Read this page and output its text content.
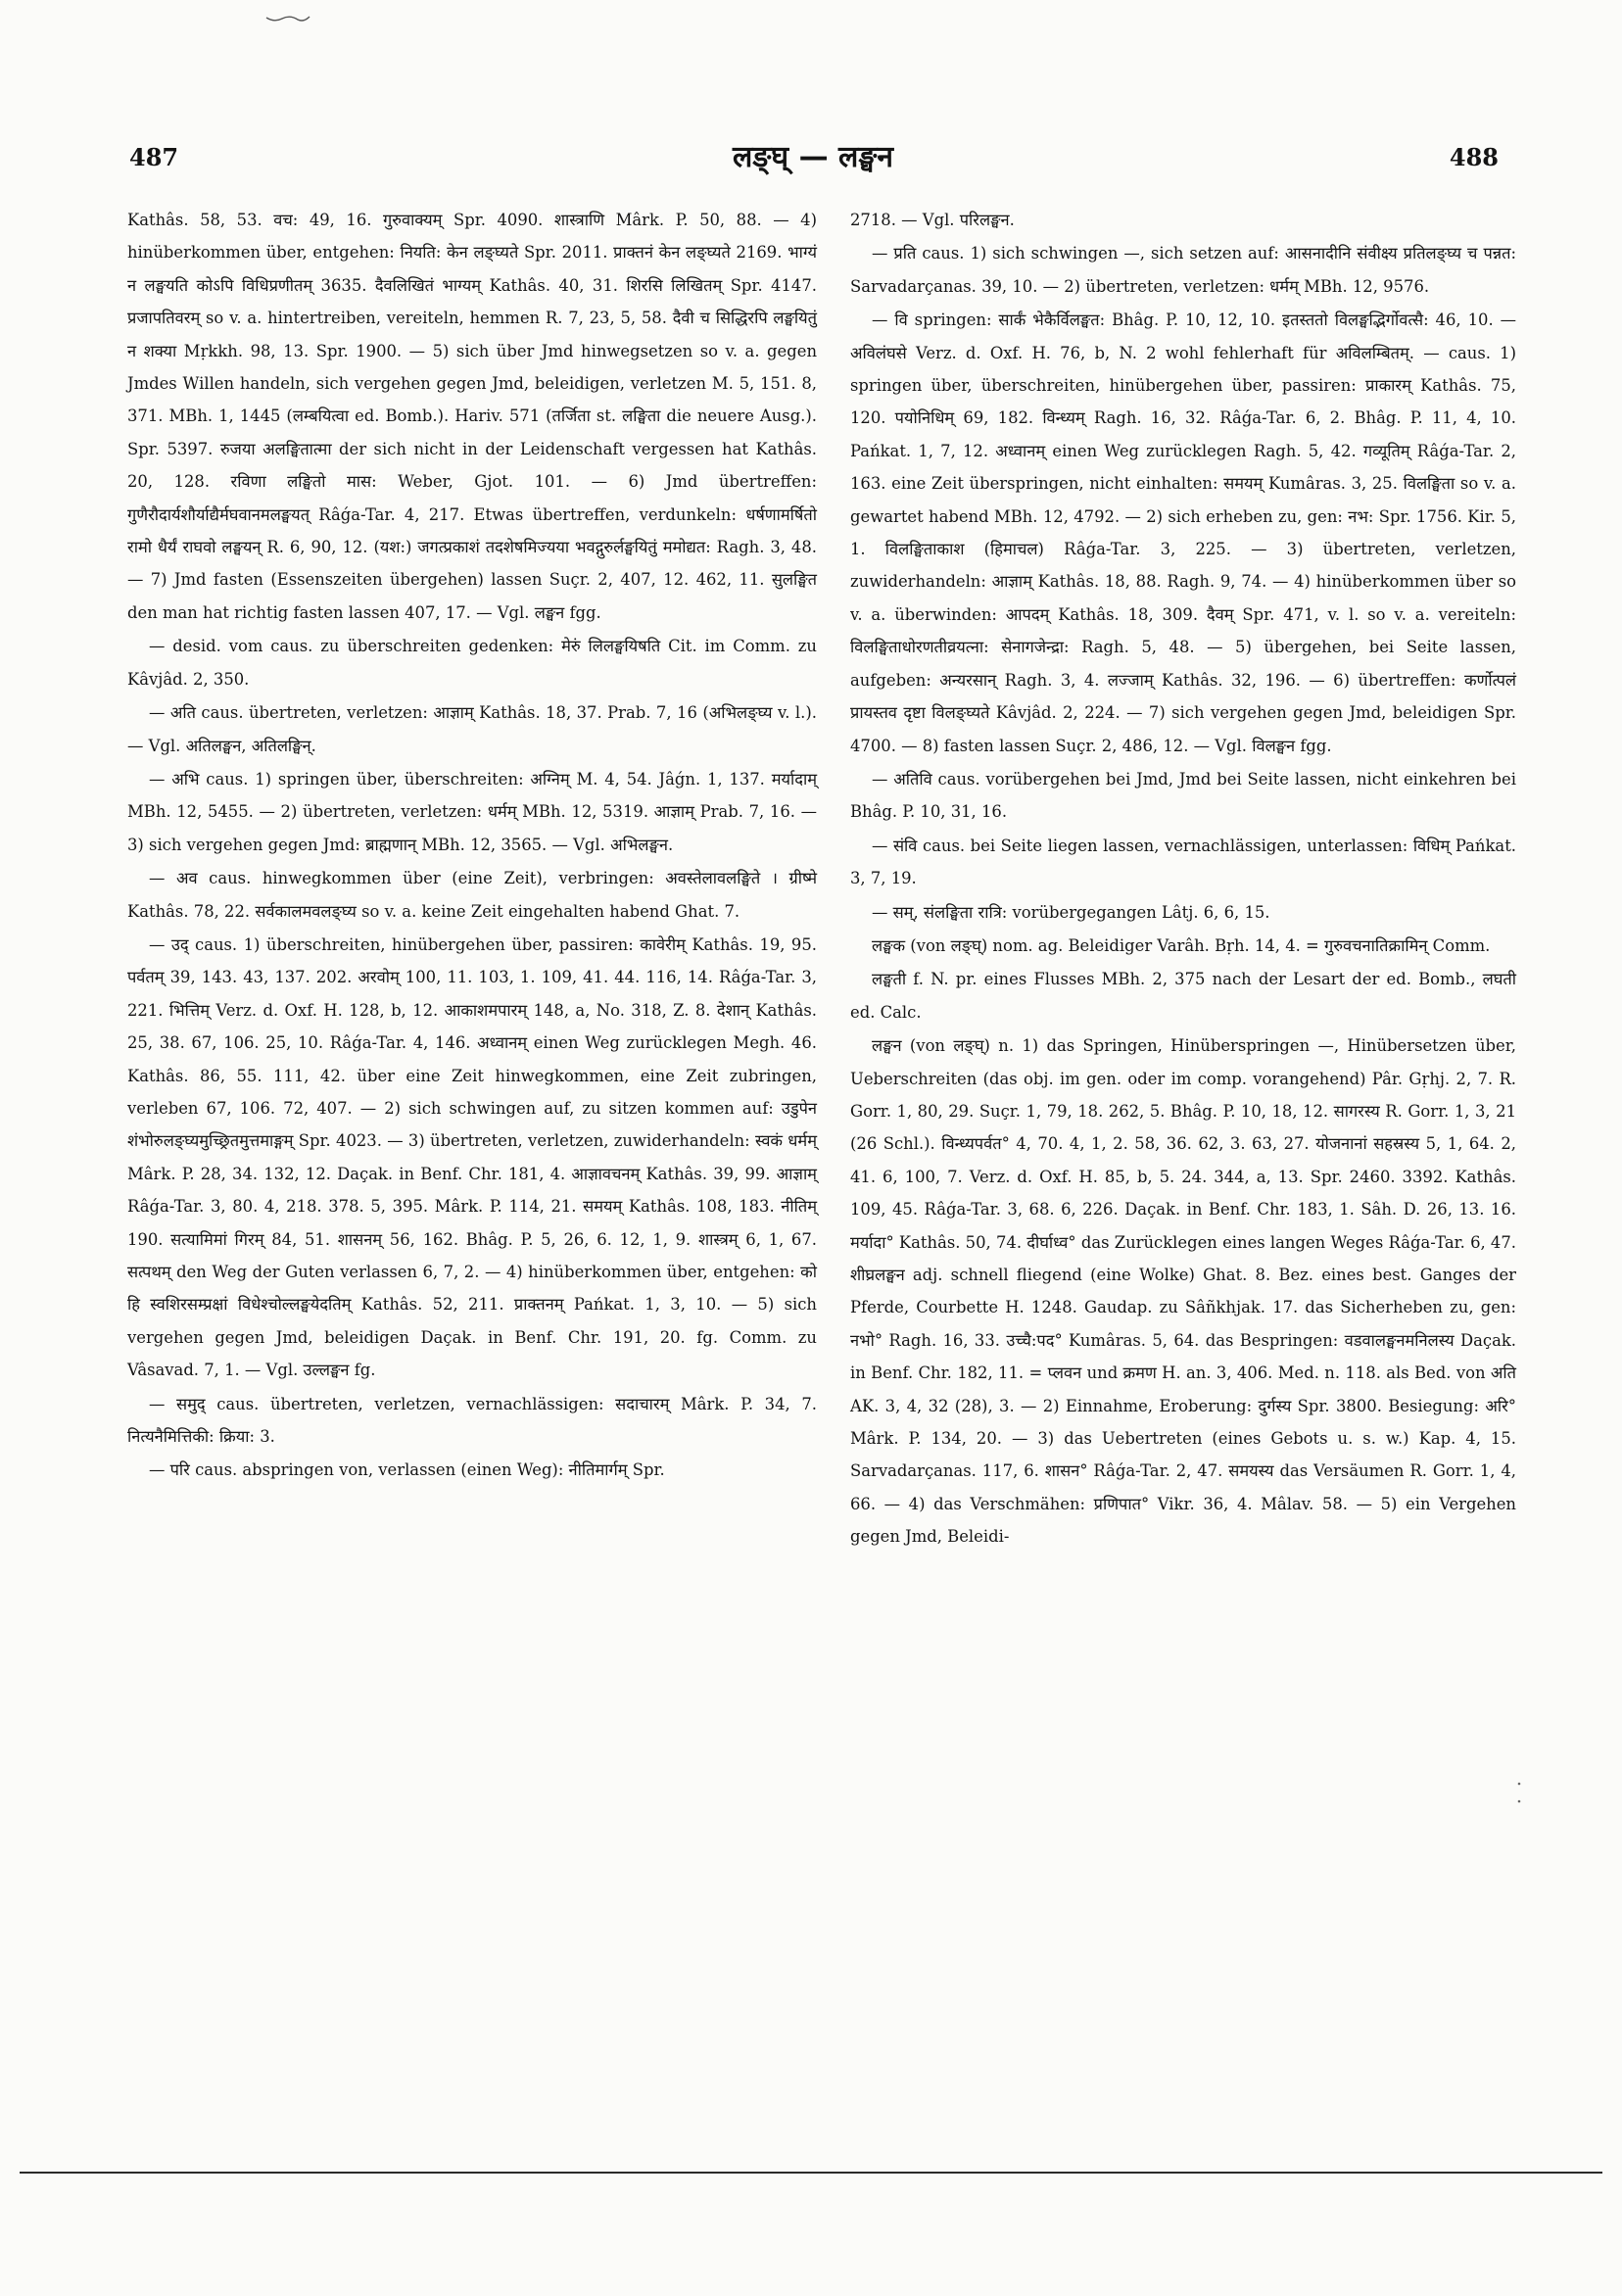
487	लङ्घ् — लङ्घन	488

Kathâs. 58, 53. वच: 49, 16. गुरुवाक्यम् Spr. 4090. शास्त्राणि Mârk. P. 50, 88. — 4) hinüberkommen über, entgehen: नियति: केन लङ्घ्यते Spr. 2011. प्राक्तनं केन लङ्घ्यते 2169. भाग्यं न लङ्घयति कोऽपि विधिप्रणीतम् 3635. दैवलिखितं भाग्यम् Kathâs. 40, 31. शिरसि लिखितम् Spr. 4147. प्रजापतिवरम् so v. a. hintertreiben, vereiteln, hemmen R. 7, 23, 5, 58. दैवी च सिद्धिरपि लङ्घयितुं न शक्या Mṛkkh. 98, 13. Spr. 1900. — 5) sich über Jmd hinwegsetzen so v. a. gegen Jmdes Willen handeln, sich vergehen gegen Jmd, beleidigen, verletzen M. 5, 151. 8, 371. MBh. 1, 1445 (लम्बयित्वा ed. Bomb.). Hariv. 571 (तर्जिता st. लङ्घिता die neuere Ausg.). Spr. 5397. रुजया अलङ्घितात्मा der sich nicht in der Leidenschaft vergessen hat Kathâs. 20, 128. रविणा लङ्घितो मास: Weber, Gjot. 101. — 6) Jmd übertreffen: गुणैरौदार्यशौर्याद्यैर्मघवानमलङ्घयत् Râǵa-Tar. 4, 217. Etwas übertreffen, verdunkeln: धर्षणामर्षितो रामो धैर्यं राघवो लङ्घयन् R. 6, 90, 12. (यश:) जगत्प्रकाशं तदशेषमिज्यया भवद्गुरुर्लङ्घयितुं ममोद्यत: Ragh. 3, 48. — 7) Jmd fasten (Essenszeiten übergehen) lassen Suçr. 2, 407, 12. 462, 11. सुलङ्घित den man hat richtig fasten lassen 407, 17. — Vgl. लङ्घन fgg.

— desid. vom caus. zu überschreiten gedenken: मेरुं लिलङ्घयिषति Cit. im Comm. zu Kâvjâd. 2, 350.

— अति caus. übertreten, verletzen: आज्ञाम् Kathâs. 18, 37. Prab. 7, 16 (अभिलङ्घ्य v. l.). — Vgl. अतिलङ्घन, अतिलङ्घिन्.

— अभि caus. 1) springen über, überschreiten: अग्निम् M. 4, 54. Jâǵn. 1, 137. मर्यादाम् MBh. 12, 5455. — 2) übertreten, verletzen: धर्मम् MBh. 12, 5319. आज्ञाम् Prab. 7, 16. — 3) sich vergehen gegen Jmd: ब्राह्मणान् MBh. 12, 3565. — Vgl. अभिलङ्घन.

— अव caus. hinwegkommen über (eine Zeit), verbringen: अवस्तेलावलङ्घिते । ग्रीष्मे Kathâs. 78, 22. सर्वकालमवलङ्घ्य so v. a. keine Zeit eingehalten habend Ghat. 7.

— उद् caus. 1) überschreiten, hinübergehen über, passiren: कावेरीम् Kathâs. 19, 95. पर्वतम् 39, 143. 43, 137. 202. अरवोम् 100, 11. 103, 1. 109, 41. 44. 116, 14. Râǵa-Tar. 3, 221. भित्तिम् Verz. d. Oxf. H. 128, b, 12. आकाशमपारम् 148, a, No. 318, Z. 8. देशान् Kathâs. 25, 38. 67, 106. 25, 10. Râǵa-Tar. 4, 146. अध्वानम् einen Weg zurücklegen Megh. 46. Kathâs. 86, 55. 111, 42. über eine Zeit hinwegkommen, eine Zeit zubringen, verleben 67, 106. 72, 407. — 2) sich schwingen auf, zu sitzen kommen auf: उडुपेन शंभोरुलङ्घ्यमुच्छ्रितमुत्तमाङ्गम् Spr. 4023. — 3) übertreten, verletzen, zuwiderhandeln: स्वकं धर्मम् Mârk. P. 28, 34. 132, 12. Daçak. in Benf. Chr. 181, 4. आज्ञावचनम् Kathâs. 39, 99. आज्ञाम् Râǵa-Tar. 3, 80. 4, 218. 378. 5, 395. Mârk. P. 114, 21. समयम् Kathâs. 108, 183. नीतिम् 190. सत्यामिमां गिरम् 84, 51. शासनम् 56, 162. Bhâg. P. 5, 26, 6. 12, 1, 9. शास्त्रम् 6, 1, 67. सत्पथम् den Weg der Guten verlassen 6, 7, 2. — 4) hinüberkommen über, entgehen: को हि स्वशिरसम्प्रक्षां विधेश्चोल्लङ्घयेदतिम् Kathâs. 52, 211. प्राक्तनम् Pańkat. 1, 3, 10. — 5) sich vergehen gegen Jmd, beleidigen Daçak. in Benf. Chr. 191, 20. fg. Comm. zu Vâsavad. 7, 1. — Vgl. उल्लङ्घन fg.

— समुद् caus. übertreten, verletzen, vernachlässigen: सदाचारम् Mârk. P. 34, 7. नित्यनैमित्तिकी: क्रिया: 3.

— परि caus. abspringen von, verlassen (einen Weg): नीतिमार्गम् Spr.

2718. — Vgl. परिलङ्घन.

— प्रति caus. 1) sich schwingen —, sich setzen auf: आसनादीनि संवीक्ष्य प्रतिलङ्घ्य च पन्नत: Sarvadarçanas. 39, 10. — 2) übertreten, verletzen: धर्मम् MBh. 12, 9576.

— वि springen: सार्कं भेकैर्विलङ्घत: Bhâg. P. 10, 12, 10. इतस्ततो विलङ्घद्भिर्गोवत्सै: 46, 10. — अविलंघसे Verz. d. Oxf. H. 76, b, N. 2 wohl fehlerhaft für अविलम्बितम्. — caus. 1) springen über, überschreiten, hinübergehen über, passiren: प्राकारम् Kathâs. 75, 120. पयोनिधिम् 69, 182. विन्ध्यम् Ragh. 16, 32. Râǵa-Tar. 6, 2. Bhâg. P. 11, 4, 10. Pańkat. 1, 7, 12. अध्वानम् einen Weg zurücklegen Ragh. 5, 42. गव्यूतिम् Râǵa-Tar. 2, 163. eine Zeit überspringen, nicht einhalten: समयम् Kumâras. 3, 25. विलङ्घिता so v. a. gewartet habend MBh. 12, 4792. — 2) sich erheben zu, gen: नभ: Spr. 1756. Kir. 5, 1. विलङ्घिताकाश (हिमाचल) Râǵa-Tar. 3, 225. — 3) übertreten, verletzen, zuwiderhandeln: आज्ञाम् Kathâs. 18, 88. Ragh. 9, 74. — 4) hinüberkommen über so v. a. überwinden: आपदम् Kathâs. 18, 309. दैवम् Spr. 471, v. l. so v. a. vereiteln: विलङ्घिताधोरणतीव्रयत्ना: सेनागजेन्द्रा: Ragh. 5, 48. — 5) übergehen, bei Seite lassen, aufgeben: अन्यरसान् Ragh. 3, 4. लज्जाम् Kathâs. 32, 196. — 6) übertreffen: कर्णोत्पलं प्रायस्तव दृष्टा विलङ्घ्यते Kâvjâd. 2, 224. — 7) sich vergehen gegen Jmd, beleidigen Spr. 4700. — 8) fasten lassen Suçr. 2, 486, 12. — Vgl. विलङ्घन fgg.

— अतिवि caus. vorübergehen bei Jmd, Jmd bei Seite lassen, nicht einkehren bei Bhâg. P. 10, 31, 16.

— संवि caus. bei Seite liegen lassen, vernachlässigen, unterlassen: विधिम् Pańkat. 3, 7, 19.

— सम्, संलङ्घिता रात्रि: vorübergegangen Lâtj. 6, 6, 15.

लङ्घक (von लङ्घ्) nom. ag. Beleidiger Varâh. Bṛh. 14, 4. = गुरुवचनातिक्रामिन् Comm.

लङ्घती f. N. pr. eines Flusses MBh. 2, 375 nach der Lesart der ed. Bomb., लघती ed. Calc.

लङ्घन (von लङ्घ्) n. 1) das Springen, Hinüberspringen —, Hinübersetzen über, Ueberschreiten (das obj. im gen. oder im comp. vorangehend) Pâr. Gṛhj. 2, 7. R. Gorr. 1, 80, 29. Suçr. 1, 79, 18. 262, 5. Bhâg. P. 10, 18, 12. सागरस्य R. Gorr. 1, 3, 21 (26 Schl.). विन्ध्यपर्वत° 4, 70. 4, 1, 2. 58, 36. 62, 3. 63, 27. योजनानां सहस्रस्य 5, 1, 64. 2, 41. 6, 100, 7. Verz. d. Oxf. H. 85, b, 5. 24. 344, a, 13. Spr. 2460. 3392. Kathâs. 109, 45. Râǵa-Tar. 3, 68. 6, 226. Daçak. in Benf. Chr. 183, 1. Sâh. D. 26, 13. 16. मर्यादा° Kathâs. 50, 74. दीर्घाध्व° das Zurücklegen eines langen Weges Râǵa-Tar. 6, 47. शीघ्रलङ्घन adj. schnell fliegend (eine Wolke) Ghat. 8. Bez. eines best. Ganges der Pferde, Courbette H. 1248. Gaudap. zu Sâñkhjak. 17. das Sicherheben zu, gen: नभो° Ragh. 16, 33. उच्चै:पद° Kumâras. 5, 64. das Bespringen: वडवालङ्घनमनिलस्य Daçak. in Benf. Chr. 182, 11. = प्लवन und क्रमण H. an. 3, 406. Med. n. 118. als Bed. von अति AK. 3, 4, 32 (28), 3. — 2) Einnahme, Eroberung: दुर्गस्य Spr. 3800. Besiegung: अरि° Mârk. P. 134, 20. — 3) das Uebertreten (eines Gebots u. s. w.) Kap. 4, 15. Sarvadarçanas. 117, 6. शासन° Râǵa-Tar. 2, 47. समयस्य das Versäumen R. Gorr. 1, 4, 66. — 4) das Verschmähen: प्रणिपात° Vikr. 36, 4. Mâlav. 58. — 5) ein Vergehen gegen Jmd, Beleidi-
